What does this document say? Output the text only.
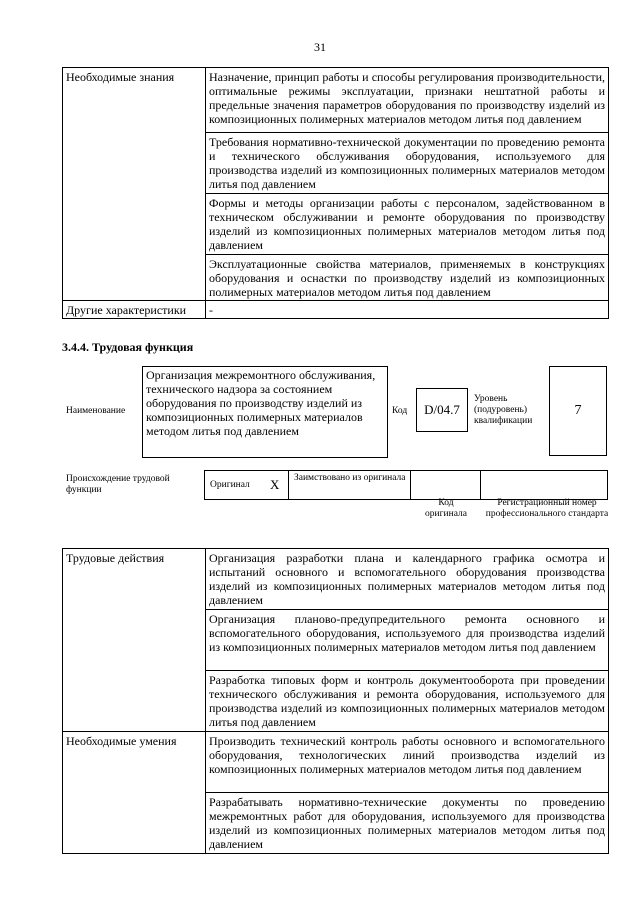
31
Необходимые знания	Назначение, принцип работы и способы регулирования производительности, оптимальные режимы эксплуатации, признаки нештатной работы и предельные значения параметров оборудования по производству изделий из композиционных полимерных материалов методом литья под давлением
	Требования нормативно-технической документации по проведению ремонта и технического обслуживания оборудования, используемого для производства изделий из композиционных полимерных материалов методом литья под давлением
	Формы и методы организации работы с персоналом, задействованном в техническом обслуживании и ремонте оборудования по производству изделий из композиционных полимерных материалов методом литья под давлением
	Эксплуатационные свойства материалов, применяемых в конструкциях оборудования и оснастки по производству изделий из композиционных полимерных материалов методом литья под давлением
Другие характеристики	-
3.4.4. Трудовая функция
Наименование
Организация межремонтного обслуживания, технического надзора за состоянием оборудования по производству изделий из композиционных полимерных материалов методом литья под давлением
Код D/04.7
Уровень (подуровень) квалификации
7
Происхождение трудовой функции	Оригинал X Заимствовано из оригинала
Код оригинала
Регистрационный номер профессионального стандарта
Трудовые действия	Организация разработки плана и календарного графика осмотра и испытаний основного и вспомогательного оборудования производства изделий из композиционных полимерных материалов методом литья под давлением
	Организация планово-предупредительного ремонта основного и вспомогательного оборудования, используемого для производства изделий из композиционных полимерных материалов методом литья под давлением
	Разработка типовых форм и контроль документооборота при проведении технического обслуживания и ремонта оборудования, используемого для производства изделий из композиционных полимерных материалов методом литья под давлением
Необходимые умения	Производить технический контроль работы основного и вспомогательного оборудования, технологических линий производства изделий из композиционных полимерных материалов методом литья под давлением
	Разрабатывать нормативно-технические документы по проведению межремонтных работ для оборудования, используемого для производства изделий из композиционных полимерных материалов методом литья под давлением
